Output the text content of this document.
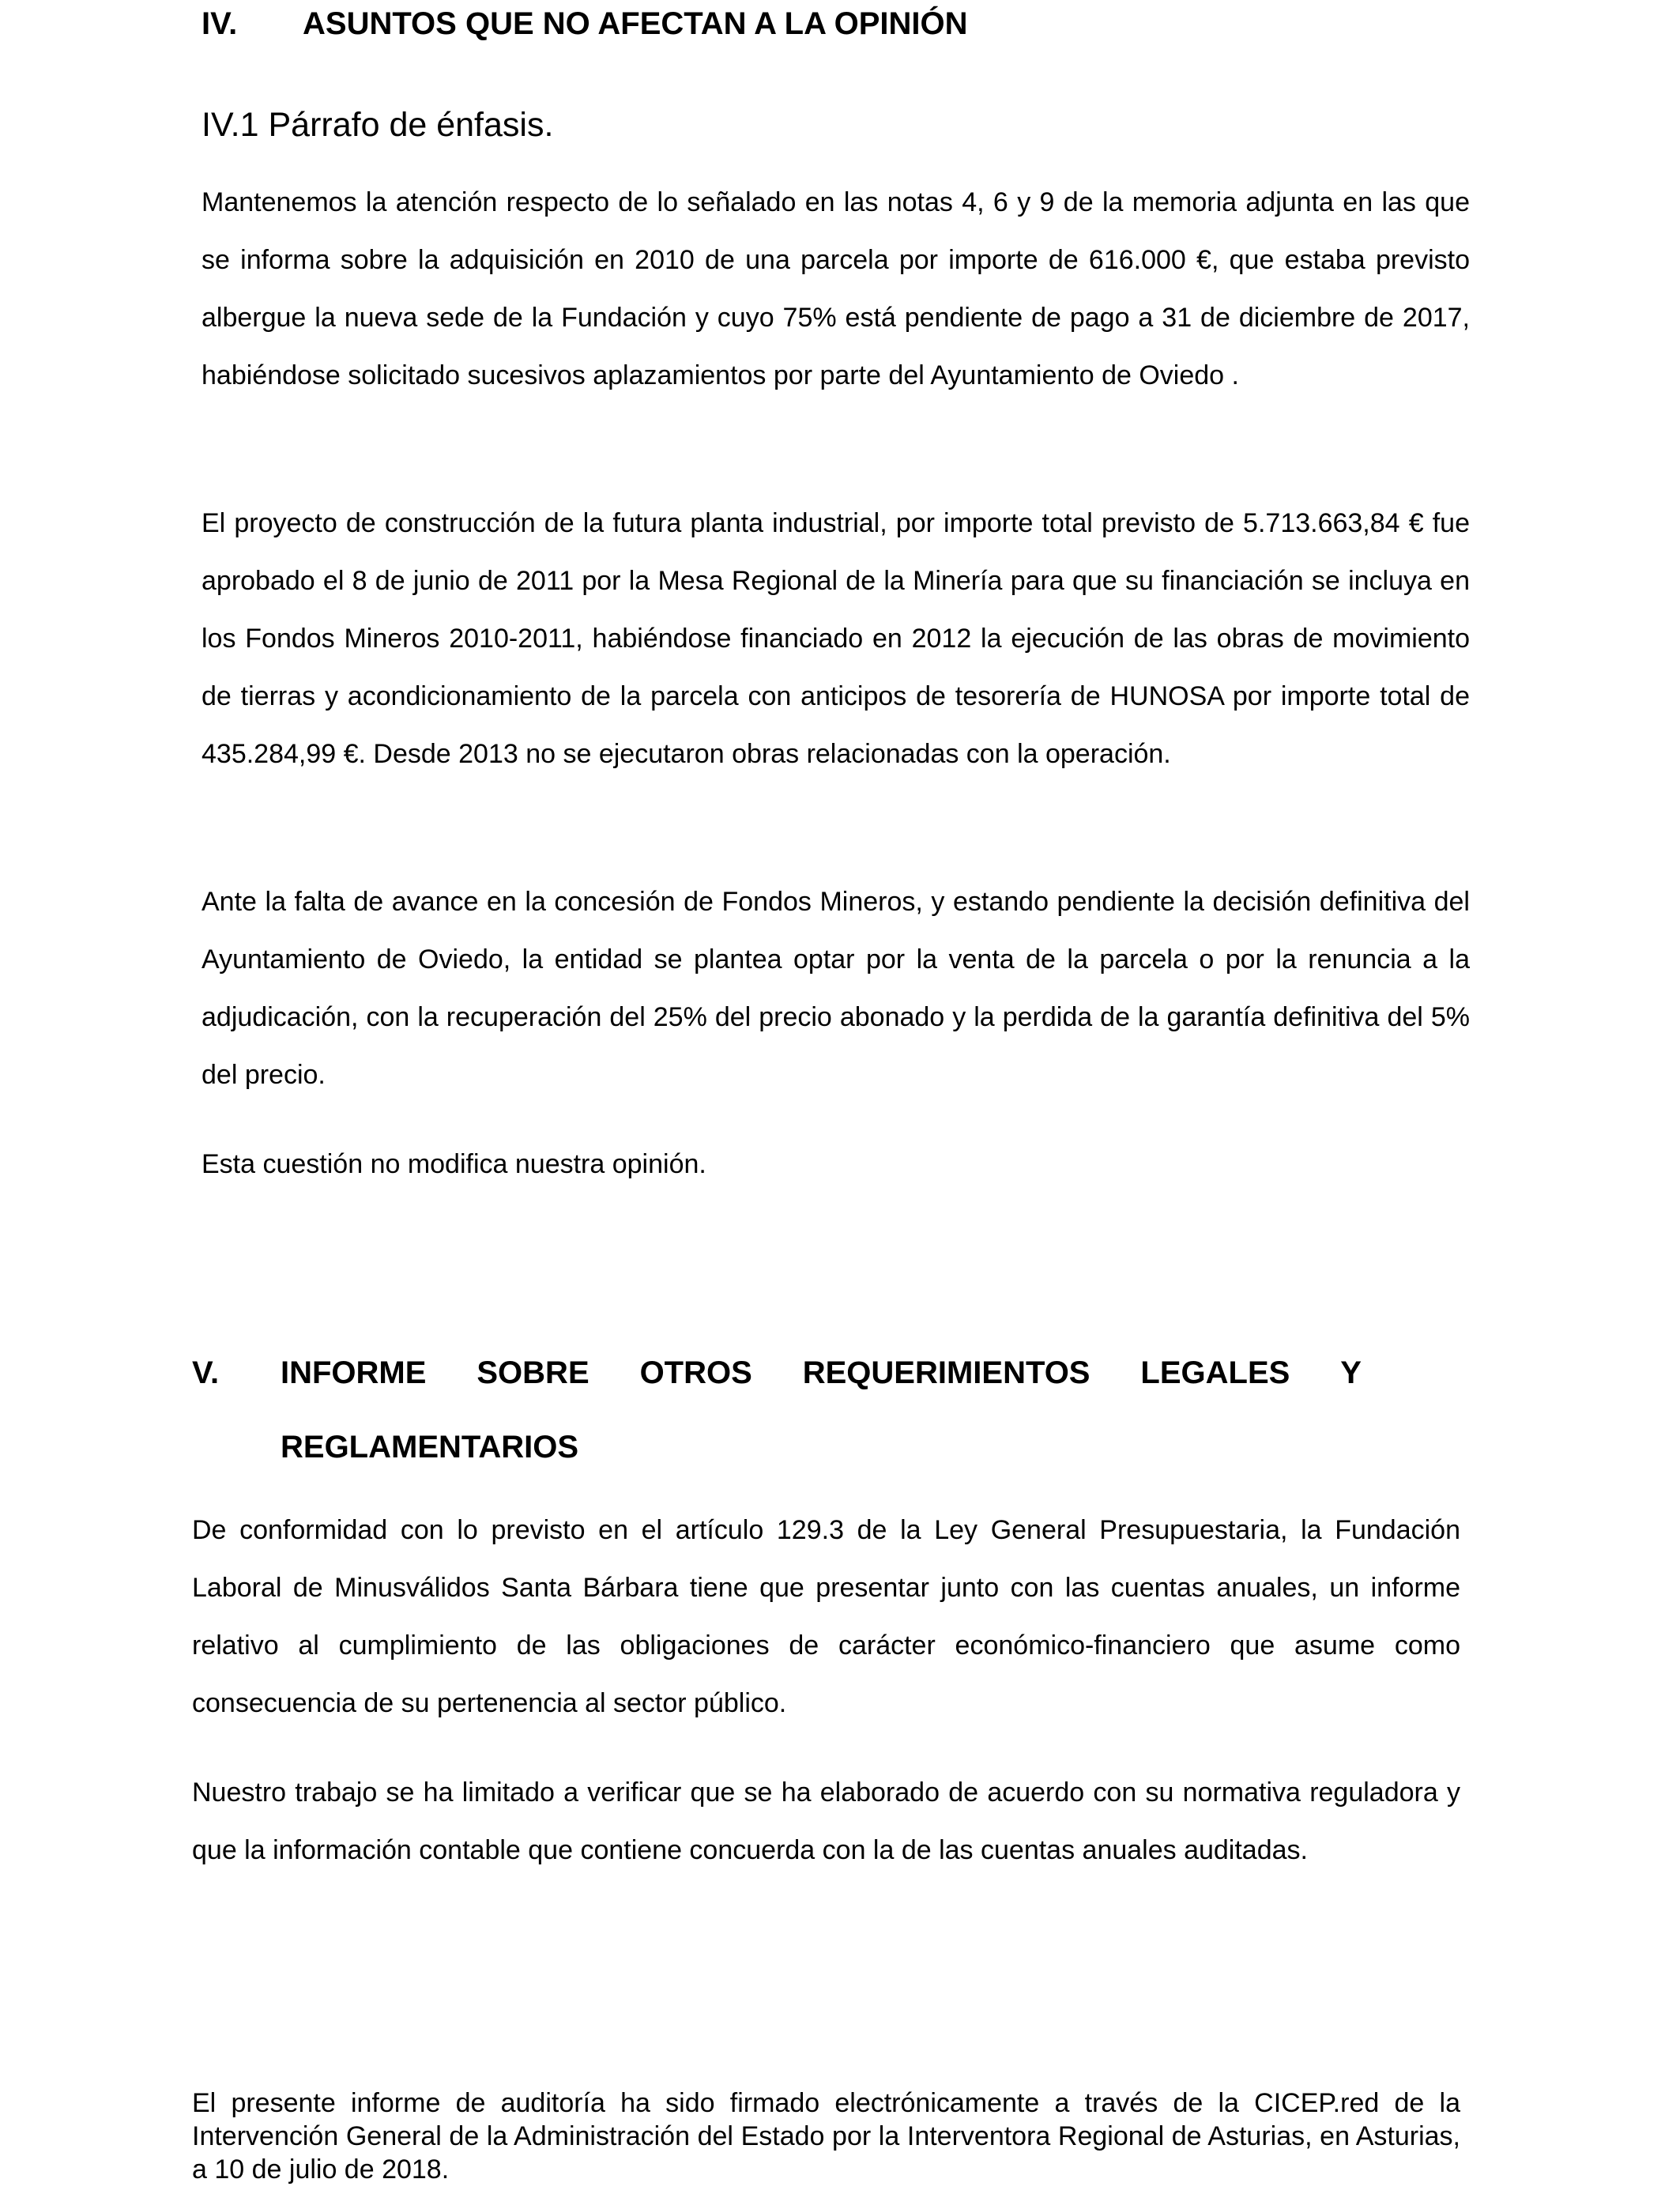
IV. ASUNTOS QUE NO AFECTAN A LA OPINIÓN
IV.1 Párrafo de énfasis.

Mantenemos la atención respecto de lo señalado en las notas 4, 6 y 9 de la memoria adjunta en las que se informa sobre la adquisición en 2010 de una parcela por importe de 616.000 €, que estaba previsto albergue la nueva sede de la Fundación y cuyo 75% está pendiente de pago a 31 de diciembre de 2017, habiéndose solicitado sucesivos aplazamientos por parte del Ayuntamiento de Oviedo .

El proyecto de construcción de la futura planta industrial, por importe total previsto de 5.713.663,84 € fue aprobado el 8 de junio de 2011 por la Mesa Regional de la Minería para que su financiación se incluya en los Fondos Mineros 2010-2011, habiéndose financiado en 2012 la ejecución de las obras de movimiento de tierras y acondicionamiento de la parcela con anticipos de tesorería de HUNOSA por importe total de 435.284,99 €. Desde 2013 no se ejecutaron obras relacionadas con la operación.

Ante la falta de avance en la concesión de Fondos Mineros, y estando pendiente la decisión definitiva del Ayuntamiento de Oviedo, la entidad se plantea optar por la venta de la parcela o por la renuncia a la adjudicación, con la recuperación del 25% del precio abonado y la perdida de la garantía definitiva del 5% del precio.

Esta cuestión no modifica nuestra opinión.

V. INFORME SOBRE OTROS REQUERIMIENTOS LEGALES Y
REGLAMENTARIOS

De conformidad con lo previsto en el artículo 129.3 de la Ley General Presupuestaria, la Fundación Laboral de Minusválidos Santa Bárbara tiene que presentar junto con las cuentas anuales, un informe relativo al cumplimiento de las obligaciones de carácter económico-financiero que asume como consecuencia de su pertenencia al sector público.

Nuestro trabajo se ha limitado a verificar que se ha elaborado de acuerdo con su normativa reguladora y que la información contable que contiene concuerda con la de las cuentas anuales auditadas.

El presente informe de auditoría ha sido firmado electrónicamente a través de la CICEP.red de la Intervención General de la Administración del Estado por la Interventora Regional de Asturias, en Asturias, a 10 de julio de 2018.
